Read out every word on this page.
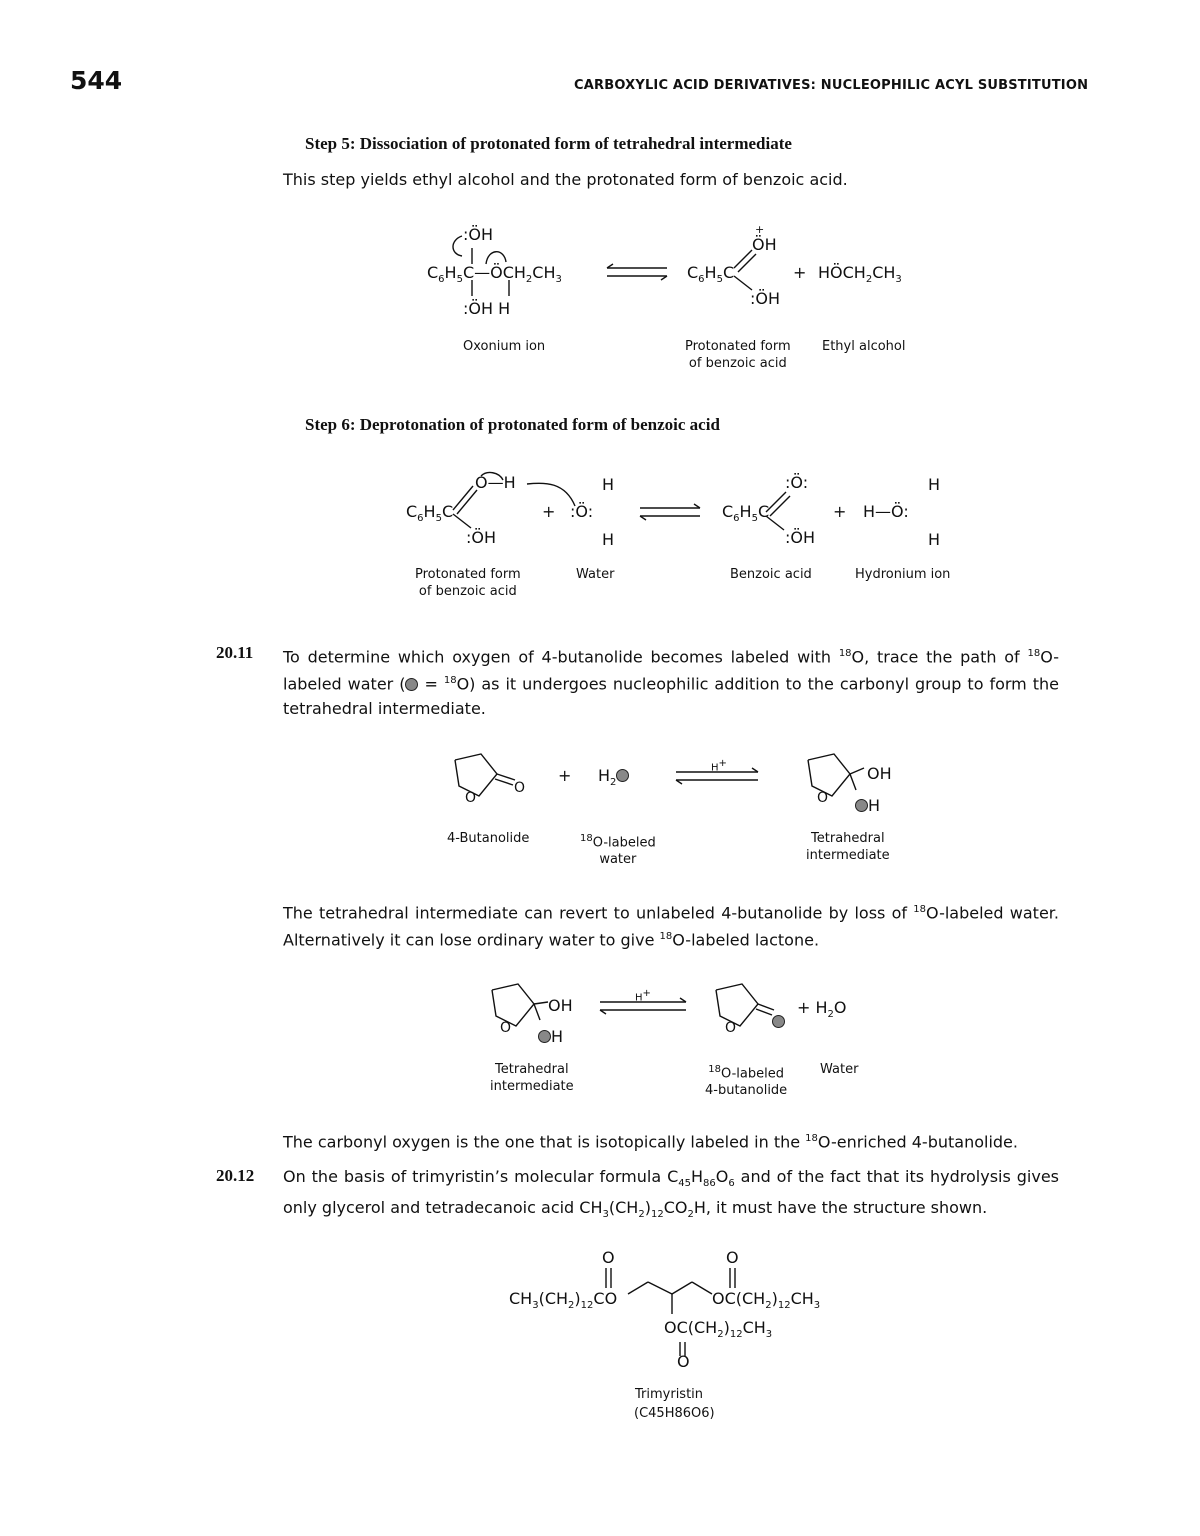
544	CARBOXYLIC ACID DERIVATIVES: NUCLEOPHILIC ACYL SUBSTITUTION
Step 5: Dissociation of protonated form of tetrahedral intermediate
This step yields ethyl alcohol and the protonated form of benzoic acid.
:ÖH
$C_6H_5C—ÖCH_2CH_3$
:ÖH H
Oxonium ion
+
ÖH
$C_6H_5C$
:ÖH
+ $HÖCH_2CH_3$
Protonated form
of benzoic acid
Ethyl alcohol
Step 6: Deprotonation of protonated form of benzoic acid
O—H
$C_6H_5C$
:ÖH
+
H
:Ö:
H
Protonated form
of benzoic acid
Water
:Ö:
$C_6H_5C$
:ÖH
+ H—Ö:
H
H
Benzoic acid	Hydronium ion
20.11 To determine which oxygen of 4-butanolide becomes labeled with $^{18}$O, trace the path of $^{18}$O-labeled water ( = $^{18}$O) as it undergoes nucleophilic addition to the carbonyl group to form the tetrahedral intermediate.
O
O
+ $H_2$
H+
OH
O	H
4-Butanolide	$^{18}$O-labeled
water
Tetrahedral
intermediate
The tetrahedral intermediate can revert to unlabeled 4-butanolide by loss of $^{18}$O-labeled water. Alternatively it can lose ordinary water to give $^{18}$O-labeled lactone.
OH
O	H
H+
O
+ $H_2O$
Tetrahedral
intermediate
$^{18}$O-labeled
4-butanolide
Water
The carbonyl oxygen is the one that is isotopically labeled in the $^{18}$O-enriched 4-butanolide.
20.12 On the basis of trimyristin’s molecular formula $C_{45}H_{86}O_6$ and of the fact that its hydrolysis gives only glycerol and tetradecanoic acid $CH_3(CH_2)_{12}CO_2H$, it must have the structure shown.
O	O
$CH_3(CH_2)_{12}CO$	$OC(CH_2)_{12}CH_3$
$OC(CH_2)_{12}CH_3$
O
Trimyristin
(C45H86O6)
